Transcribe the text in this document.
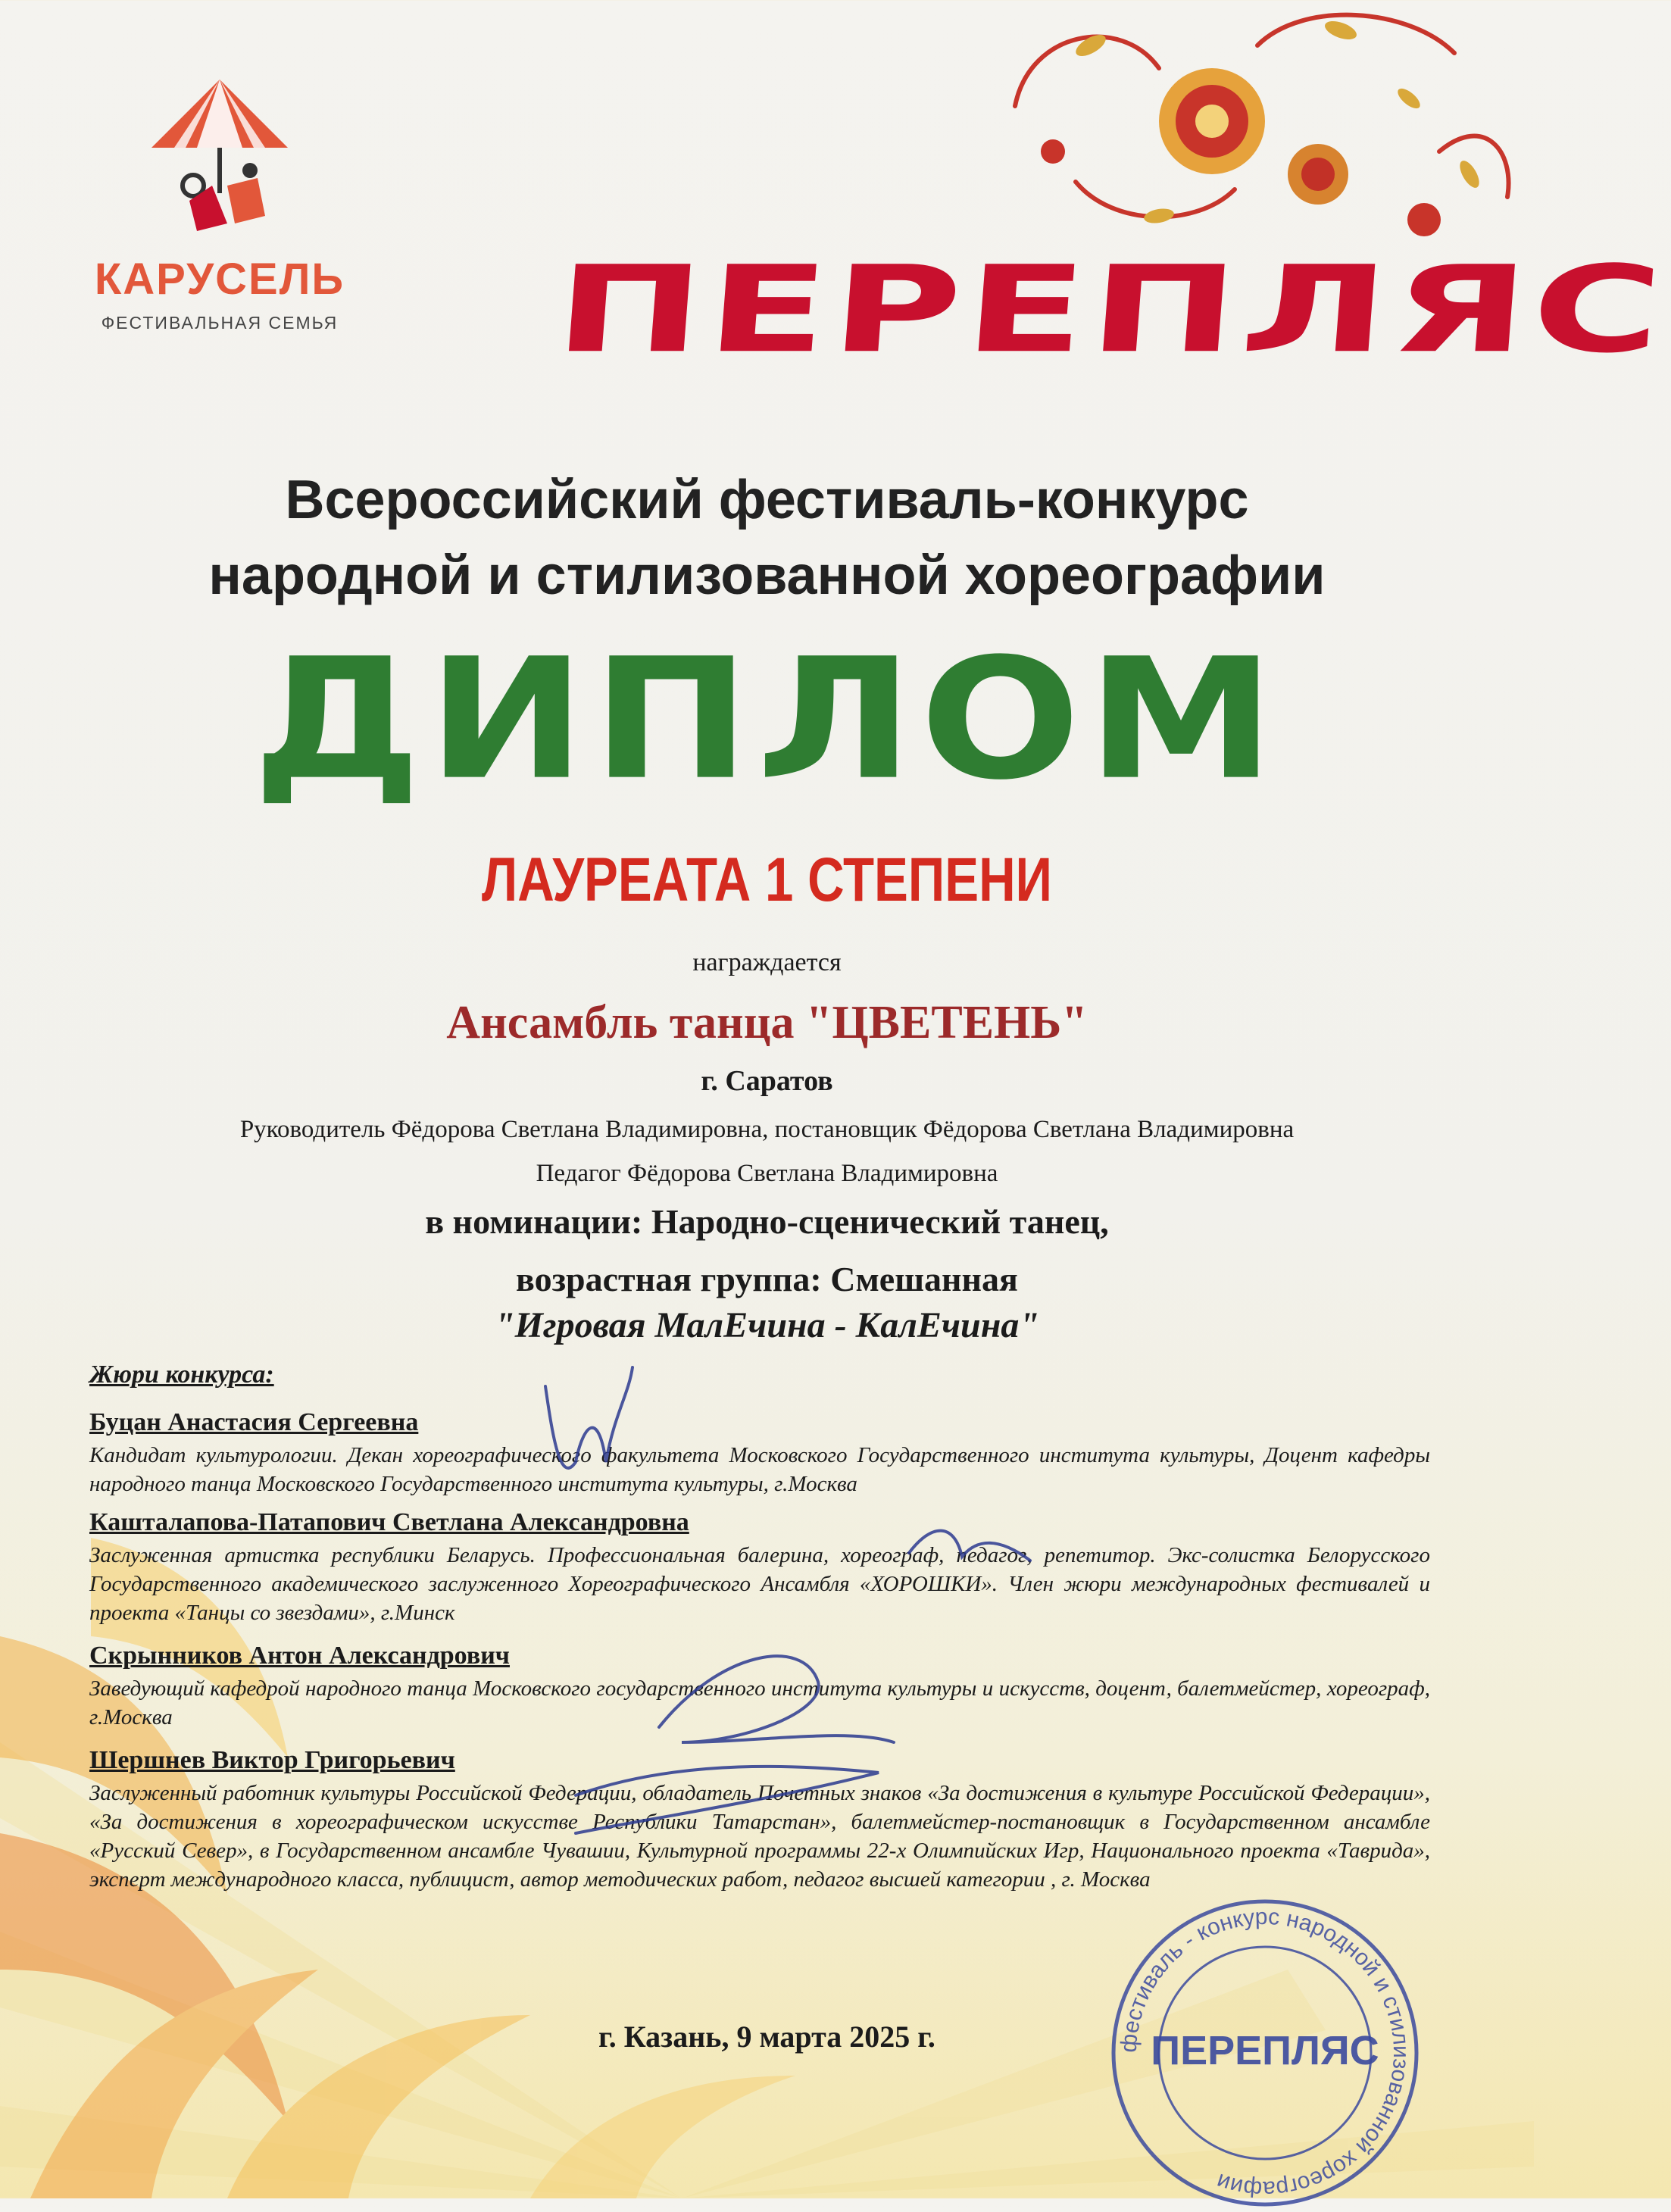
КАРУСЕЛЬ
ФЕСТИВАЛЬНАЯ СЕМЬЯ ПЕРЕПЛЯС
Всероссийский фестиваль-конкурс
народной и стилизованной хореографии
ДИПЛОМ
ЛАУРЕАТА 1 СТЕПЕНИ
награждается
Ансамбль танца "ЦВЕТЕНЬ"
г. Саратов
Руководитель Фёдорова Светлана Владимировна, постановщик Фёдорова Светлана Владимировна
Педагог Фёдорова Светлана Владимировна
в номинации: Народно-сценический танец,
возрастная группа: Смешанная
"Игровая МалЕчина - КалЕчина"
Жюри конкурса:
Буцан Анастасия Сергеевна
Кандидат культурологии. Декан хореографического факультета Московского Государственного института культуры, Доцент кафедры народного танца Московского Государственного института культуры, г.Москва
Кашталапова-Патапович Светлана Александровна
Заслуженная артистка республики Беларусь. Профессиональная балерина, хореограф, педагог, репетитор. Экс-солистка Белорусского Государственного академического заслуженного Хореографического Ансамбля «ХОРОШКИ». Член жюри международных фестивалей и проекта «Танцы со звездами», г.Минск
Скрынников Антон Александрович
Заведующий кафедрой народного танца Московского государственного института культуры и искусств, доцент, балетмейстер, хореограф, г.Москва
Шершнев Виктор Григорьевич
Заслуженный работник культуры Российской Федерации, обладатель Почетных знаков «За достижения в культуре Российской Федерации», «За достижения в хореографическом искусстве Республики Татарстан», балетмейстер-постановщик в Государственном ансамбле «Русский Север», в Государственном ансамбле Чувашии, Культурной программы 22-х Олимпийских Игр, Национального проекта «Таврида», эксперт международного класса, публицист, автор методических работ, педагог высшей категории , г. Москва
г. Казань, 9 марта 2025 г.	фестиваль - конкурс народной и стилизованной хореографии
ПЕРЕПЛЯС
